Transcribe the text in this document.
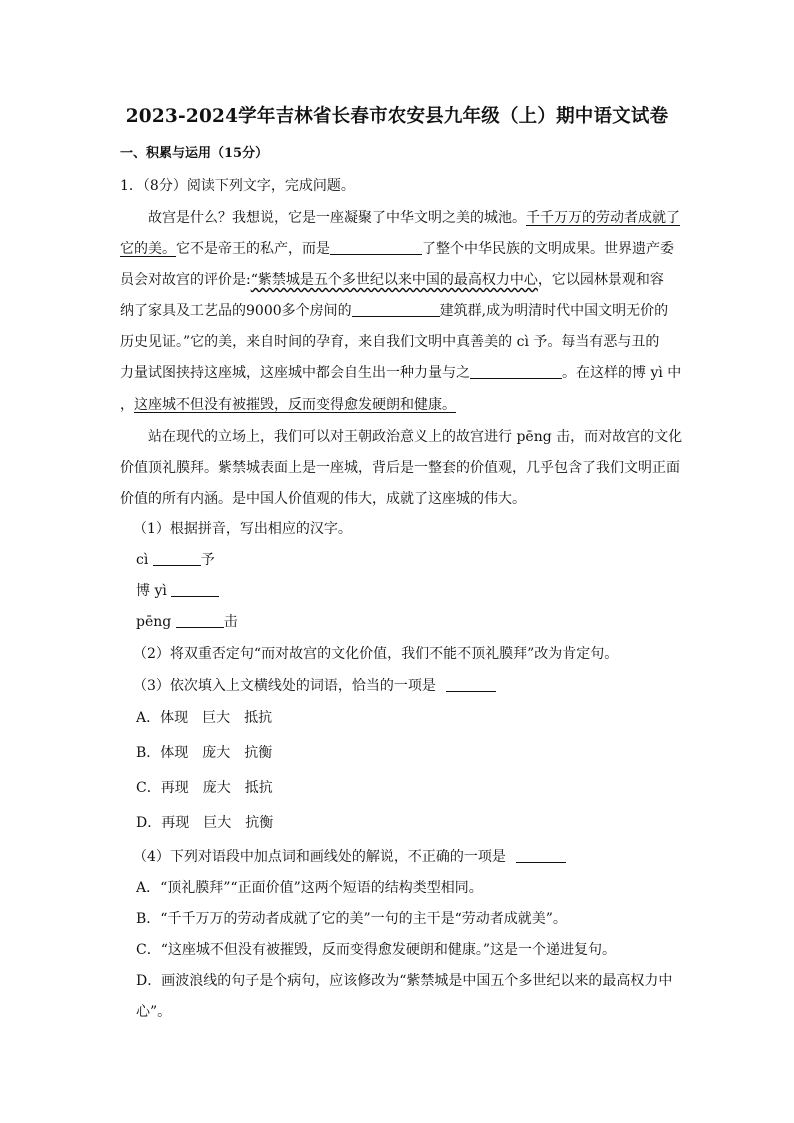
2023-2024学年吉林省长春市农安县九年级（上）期中语文试卷
一、积累与运用（15分）
1．（8分）阅读下列文字，完成问题。
故宫是什么？我想说，它是一座凝聚了中华文明之美的城池。千千万万的劳动者成就了
它的美。它不是帝王的私产，而是	了整个中华民族的文明成果。世界遗产委
员会对故宫的评价是:“紫禁城是五个多世纪以来中国的最高权力中心，它以园林景观和容
纳了家具及工艺品的9000多个房间的	建筑群,成为明清时代中国文明无价的
历史见证。”它的美，来自时间的孕育，来自我们文明中真善美的 cì 予。每当有恶与丑的
力量试图挟持这座城，这座城中都会自生出一种力量与之	。在这样的博 yì 中
，这座城不但没有被摧毁，反而变得愈发硬朗和健康。
站在现代的立场上，我们可以对王朝政治意义上的故宫进行 pēng 击，而对故宫的文化
价值顶礼膜拜。紫禁城表面上是一座城，背后是一整套的价值观，几乎包含了我们文明正面
价值的所有内涵。是中国人价值观的伟大，成就了这座城的伟大。
（1）根据拼音，写出相应的汉字。
cì	予
博 yì
pēng	击
（2）将双重否定句“而对故宫的文化价值，我们不能不顶礼膜拜”改为肯定句。
（3）依次填入上文横线处的词语，恰当的一项是
A．体现 巨大 抵抗
B．体现 庞大 抗衡
C．再现 庞大 抵抗
D．再现 巨大 抗衡
（4）下列对语段中加点词和画线处的解说，不正确的一项是
A．“顶礼膜拜”“正面价值”这两个短语的结构类型相同。
B．“千千万万的劳动者成就了它的美”一句的主干是“劳动者成就美”。
C．“这座城不但没有被摧毁，反而变得愈发硬朗和健康。”这是一个递进复句。
D．画波浪线的句子是个病句，应该修改为“紫禁城是中国五个多世纪以来的最高权力中
心”。
